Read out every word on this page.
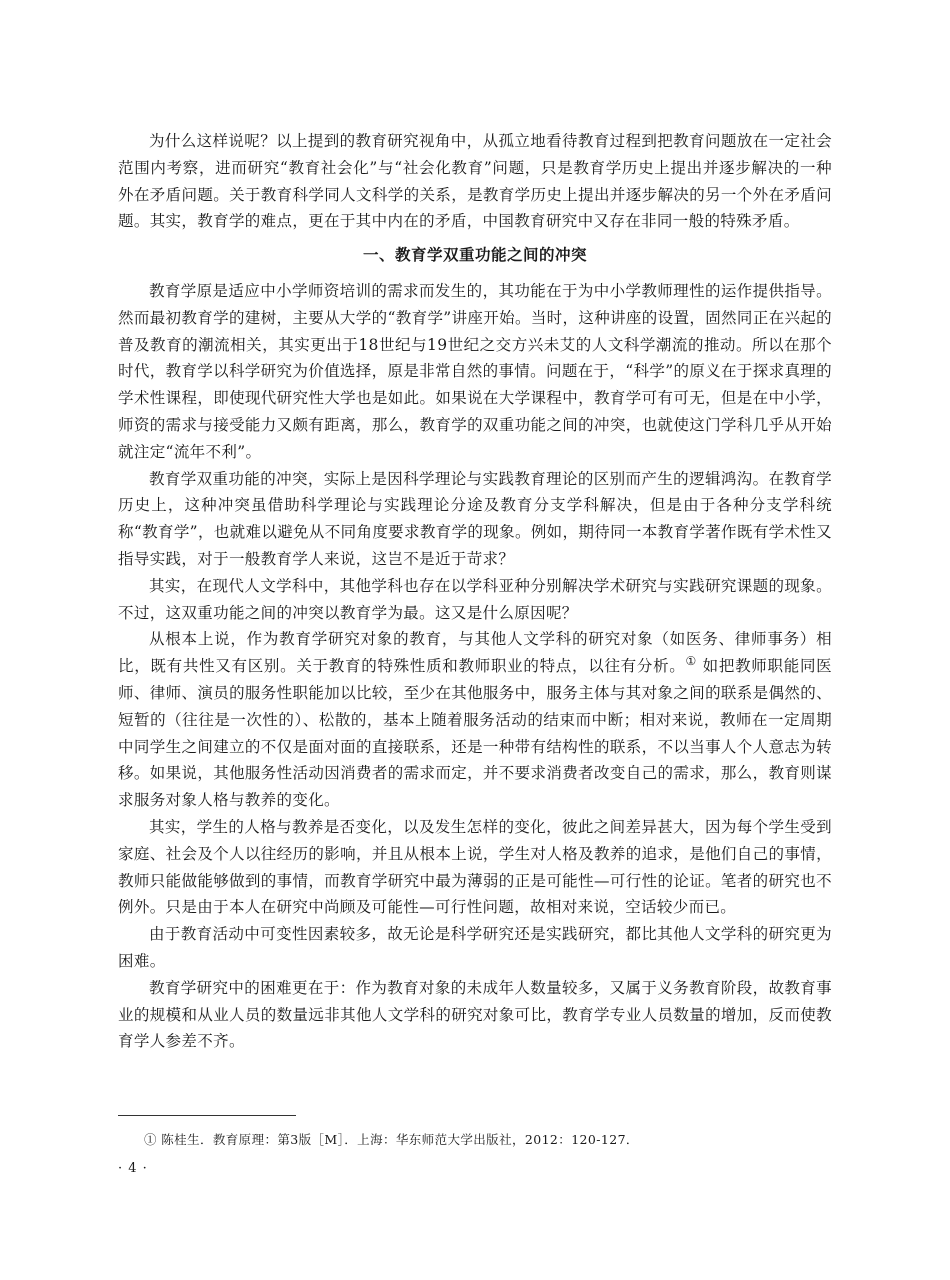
为什么这样说呢？以上提到的教育研究视角中，从孤立地看待教育过程到把教育问题放在一定社会范围内考察，进而研究“教育社会化”与“社会化教育”问题，只是教育学历史上提出并逐步解决的一种外在矛盾问题。关于教育科学同人文科学的关系，是教育学历史上提出并逐步解决的另一个外在矛盾问题。其实，教育学的难点，更在于其中内在的矛盾，中国教育研究中又存在非同一般的特殊矛盾。

一、教育学双重功能之间的冲突

教育学原是适应中小学师资培训的需求而发生的，其功能在于为中小学教师理性的运作提供指导。然而最初教育学的建树，主要从大学的“教育学”讲座开始。当时，这种讲座的设置，固然同正在兴起的普及教育的潮流相关，其实更出于18世纪与19世纪之交方兴未艾的人文科学潮流的推动。所以在那个时代，教育学以科学研究为价值选择，原是非常自然的事情。问题在于，“科学”的原义在于探求真理的学术性课程，即使现代研究性大学也是如此。如果说在大学课程中，教育学可有可无，但是在中小学，师资的需求与接受能力又颇有距离，那么，教育学的双重功能之间的冲突，也就使这门学科几乎从开始就注定“流年不利”。

教育学双重功能的冲突，实际上是因科学理论与实践教育理论的区别而产生的逻辑鸿沟。在教育学历史上，这种冲突虽借助科学理论与实践理论分途及教育分支学科解决，但是由于各种分支学科统称“教育学”，也就难以避免从不同角度要求教育学的现象。例如，期待同一本教育学著作既有学术性又指导实践，对于一般教育学人来说，这岂不是近于苛求？

其实，在现代人文学科中，其他学科也存在以学科亚种分别解决学术研究与实践研究课题的现象。不过，这双重功能之间的冲突以教育学为最。这又是什么原因呢？

从根本上说，作为教育学研究对象的教育，与其他人文学科的研究对象（如医务、律师事务）相比，既有共性又有区别。关于教育的特殊性质和教师职业的特点，以往有分析。① 如把教师职能同医师、律师、演员的服务性职能加以比较，至少在其他服务中，服务主体与其对象之间的联系是偶然的、短暂的（往往是一次性的）、松散的，基本上随着服务活动的结束而中断；相对来说，教师在一定周期中同学生之间建立的不仅是面对面的直接联系，还是一种带有结构性的联系，不以当事人个人意志为转移。如果说，其他服务性活动因消费者的需求而定，并不要求消费者改变自己的需求，那么，教育则谋求服务对象人格与教养的变化。

其实，学生的人格与教养是否变化，以及发生怎样的变化，彼此之间差异甚大，因为每个学生受到家庭、社会及个人以往经历的影响，并且从根本上说，学生对人格及教养的追求，是他们自己的事情，教师只能做能够做到的事情，而教育学研究中最为薄弱的正是可能性—可行性的论证。笔者的研究也不例外。只是由于本人在研究中尚顾及可能性—可行性问题，故相对来说，空话较少而已。

由于教育活动中可变性因素较多，故无论是科学研究还是实践研究，都比其他人文学科的研究更为困难。

教育学研究中的困难更在于：作为教育对象的未成年人数量较多，又属于义务教育阶段，故教育事业的规模和从业人员的数量远非其他人文学科的研究对象可比，教育学专业人员数量的增加，反而使教育学人参差不齐。

① 陈桂生．教育原理：第3版［M］．上海：华东师范大学出版社，2012：120-127．
· 4 ·
